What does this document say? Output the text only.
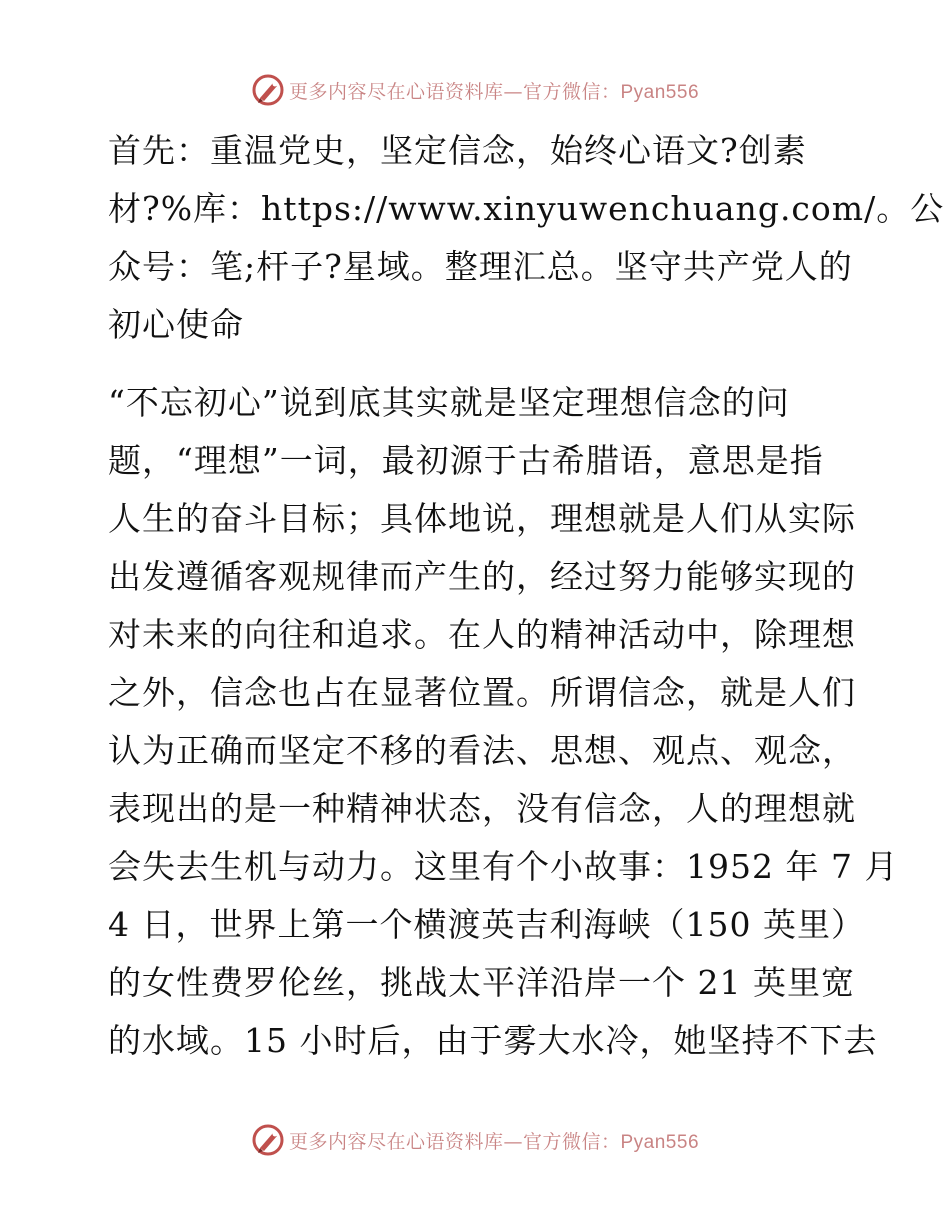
更多内容尽在心语资料库—官方微信：Pyan556

首先：重温党史，坚定信念，始终心语文?创素
材?%库：https://www.xinyuwenchuang.com/。公
众号：笔;杆子?星域。整理汇总。坚守共产党人的
初心使命

“不忘初心”说到底其实就是坚定理想信念的问
题，“理想”一词，最初源于古希腊语，意思是指
人生的奋斗目标；具体地说，理想就是人们从实际
出发遵循客观规律而产生的，经过努力能够实现的
对未来的向往和追求。在人的精神活动中，除理想
之外，信念也占在显著位置。所谓信念，就是人们
认为正确而坚定不移的看法、思想、观点、观念，
表现出的是一种精神状态，没有信念，人的理想就
会失去生机与动力。这里有个小故事：1952 年 7 月
4 日，世界上第一个横渡英吉利海峡（150 英里）
的女性费罗伦丝，挑战太平洋沿岸一个 21 英里宽
的水域。15 小时后，由于雾大水冷，她坚持不下去

更多内容尽在心语资料库—官方微信：Pyan556
